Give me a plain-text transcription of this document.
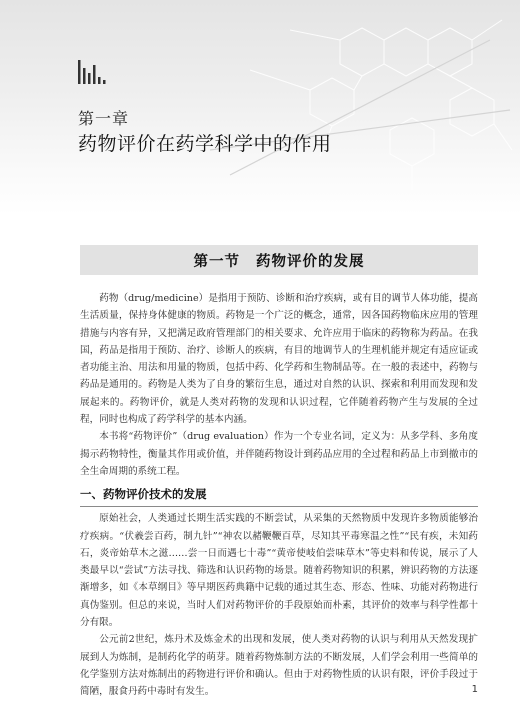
第一章
药物评价在药学科学中的作用
第一节 药物评价的发展

药物（drug/medicine）是指用于预防、诊断和治疗疾病，或有目的调节人体功能，提高生活质量，保持身体健康的物质。药物是一个广泛的概念，通常，因各国药物临床应用的管理措施与内容有异，又把满足政府管理部门的相关要求、允许应用于临床的药物称为药品。在我国，药品是指用于预防、治疗、诊断人的疾病，有目的地调节人的生理机能并规定有适应证或者功能主治、用法和用量的物质，包括中药、化学药和生物制品等。在一般的表述中，药物与药品是通用的。药物是人类为了自身的繁衍生息，通过对自然的认识、探索和利用而发现和发展起来的。药物评价，就是人类对药物的发现和认识过程，它伴随着药物产生与发展的全过程，同时也构成了药学科学的基本内涵。

本书将“药物评价”（drug evaluation）作为一个专业名词，定义为：从多学科、多角度揭示药物特性，衡量其作用或价值，并伴随药物设计到药品应用的全过程和药品上市到撤市的全生命周期的系统工程。

一、药物评价技术的发展

原始社会，人类通过长期生活实践的不断尝试，从采集的天然物质中发现许多物质能够治疗疾病。“伏羲尝百药，制九针”“神农以赭鞭鞭百草，尽知其平毒寒温之性”“民有疾，未知药石，炎帝始草木之滋……尝一日而遇七十毒”“黄帝使岐伯尝味草木”等史料和传说，展示了人类最早以“尝试”方法寻找、筛选和认识药物的场景。随着药物知识的积累，辨识药物的方法逐渐增多，如《本草纲目》等早期医药典籍中记载的通过其生态、形态、性味、功能对药物进行真伪鉴别。但总的来说，当时人们对药物评价的手段原始而朴素，其评价的效率与科学性都十分有限。

公元前2世纪，炼丹术及炼金术的出现和发展，使人类对药物的认识与利用从天然发现扩展到人为炼制，是制药化学的萌芽。随着药物炼制方法的不断发展，人们学会利用一些简单的化学鉴别方法对炼制出的药物进行评价和确认。但由于对药物性质的认识有限，评价手段过于简陋，服食丹药中毒时有发生。	1
